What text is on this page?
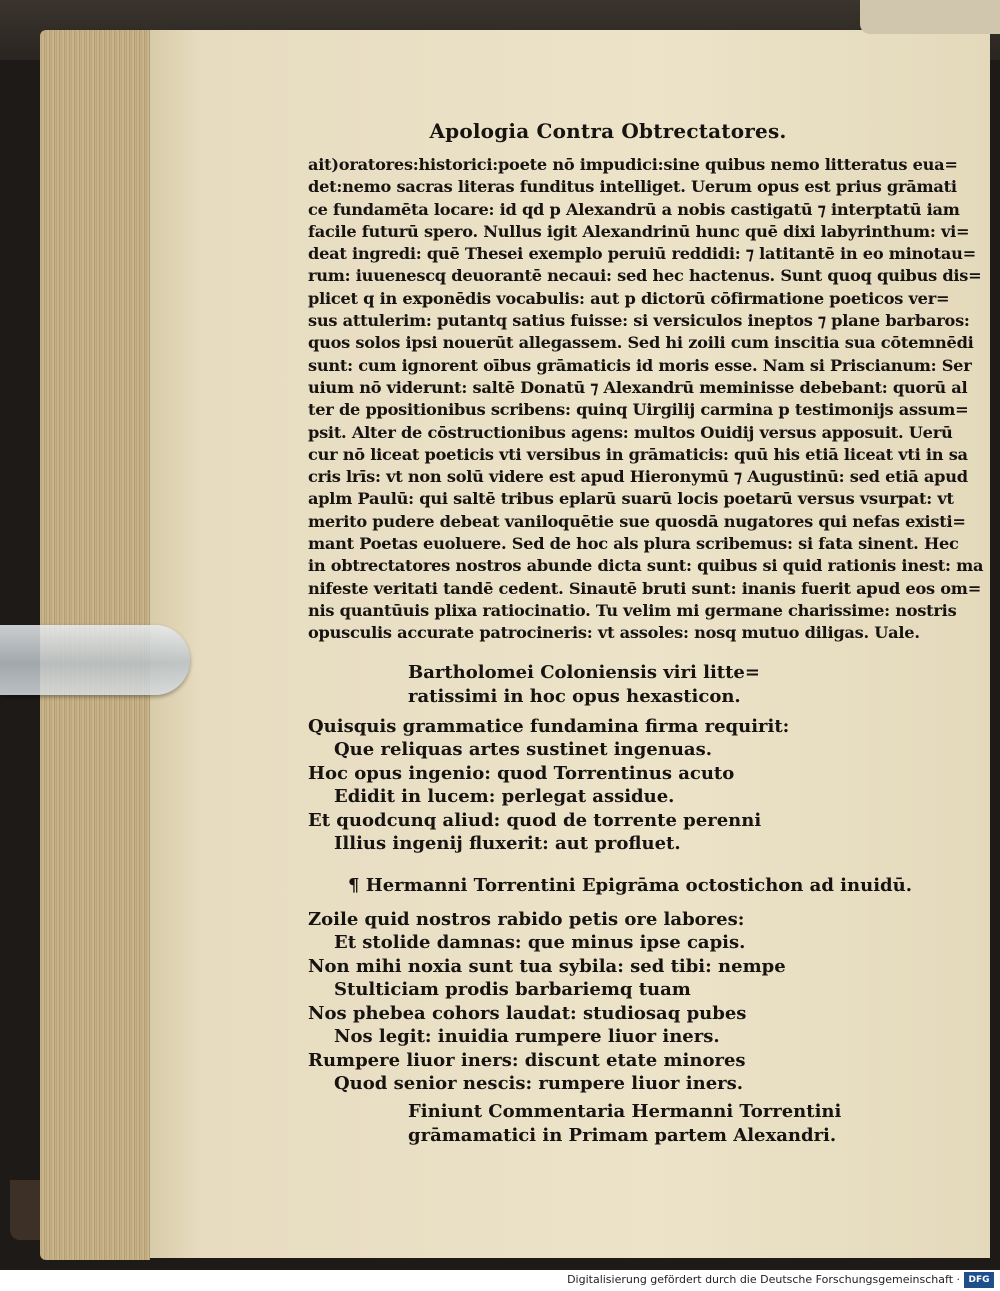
Apologia Contra Obtrectatores.
ait)oratores:historici:poete nō impudici:sine quibus nemo litteratus eua=
det:nemo sacras literas funditus intelliget. Uerum opus est prius grāmati
ce fundamēta locare: id qd p Alexandrū a nobis castigatū ⁊ interptatū iam
facile futurū spero. Nullus igit Alexandrinū hunc quē dixi labyrinthum: vi=
deat ingredi: quē Thesei exemplo peruiū reddidi: ⁊ latitantē in eo minotau=
rum: iuuenescq deuorantē necaui: sed hec hactenus. Sunt quoq quibus dis=
plicet q in exponēdis vocabulis: aut p dictorū cōfirmatione poeticos ver=
sus attulerim: putantq satius fuisse: si versiculos ineptos ⁊ plane barbaros:
quos solos ipsi nouerūt allegassem. Sed hi zoili cum inscitia sua cōtemnēdi
sunt: cum ignorent oībus grāmaticis id moris esse. Nam si Priscianum: Ser
uium nō viderunt: saltē Donatū ⁊ Alexandrū meminisse debebant: quorū al
ter de ppositionibus scribens: quinq Uirgilij carmina p testimonijs assum=
psit. Alter de cōstructionibus agens: multos Ouidij versus apposuit. Uerū
cur nō liceat poeticis vti versibus in grāmaticis: quū his etiā liceat vti in sa
cris lrīs: vt non solū videre est apud Hieronymū ⁊ Augustinū: sed etiā apud
aplm Paulū: qui saltē tribus eplarū suarū locis poetarū versus vsurpat: vt
merito pudere debeat vaniloquētie sue quosdā nugatores qui nefas existi=
mant Poetas euoluere. Sed de hoc als plura scribemus: si fata sinent. Hec
in obtrectatores nostros abunde dicta sunt: quibus si quid rationis inest: ma
nifeste veritati tandē cedent. Sinautē bruti sunt: inanis fuerit apud eos om=
nis quantūuis plixa ratiocinatio. Tu velim mi germane charissime: nostris
opusculis accurate patrocineris: vt assoles: nosq mutuo diligas. Uale.
Bartholomei Coloniensis viri litte=
ratissimi in hoc opus hexasticon.
Quisquis grammatice fundamina firma requirit:
Que reliquas artes sustinet ingenuas.
Hoc opus ingenio: quod Torrentinus acuto
Edidit in lucem: perlegat assidue.
Et quodcunq aliud: quod de torrente perenni
Illius ingenij fluxerit: aut profluet.
¶ Hermanni Torrentini Epigrāma octostichon ad inuidū.
Zoile quid nostros rabido petis ore labores:
Et stolide damnas: que minus ipse capis.
Non mihi noxia sunt tua sybila: sed tibi: nempe
Stulticiam prodis barbariemq tuam
Nos phebea cohors laudat: studiosaq pubes
Nos legit: inuidia rumpere liuor iners.
Rumpere liuor iners: discunt etate minores
Quod senior nescis: rumpere liuor iners.
Finiunt Commentaria Hermanni Torrentini
grāmamatici in Primam partem Alexandri.
Digitalisierung gefördert durch die Deutsche Forschungsgemeinschaft · DFG
